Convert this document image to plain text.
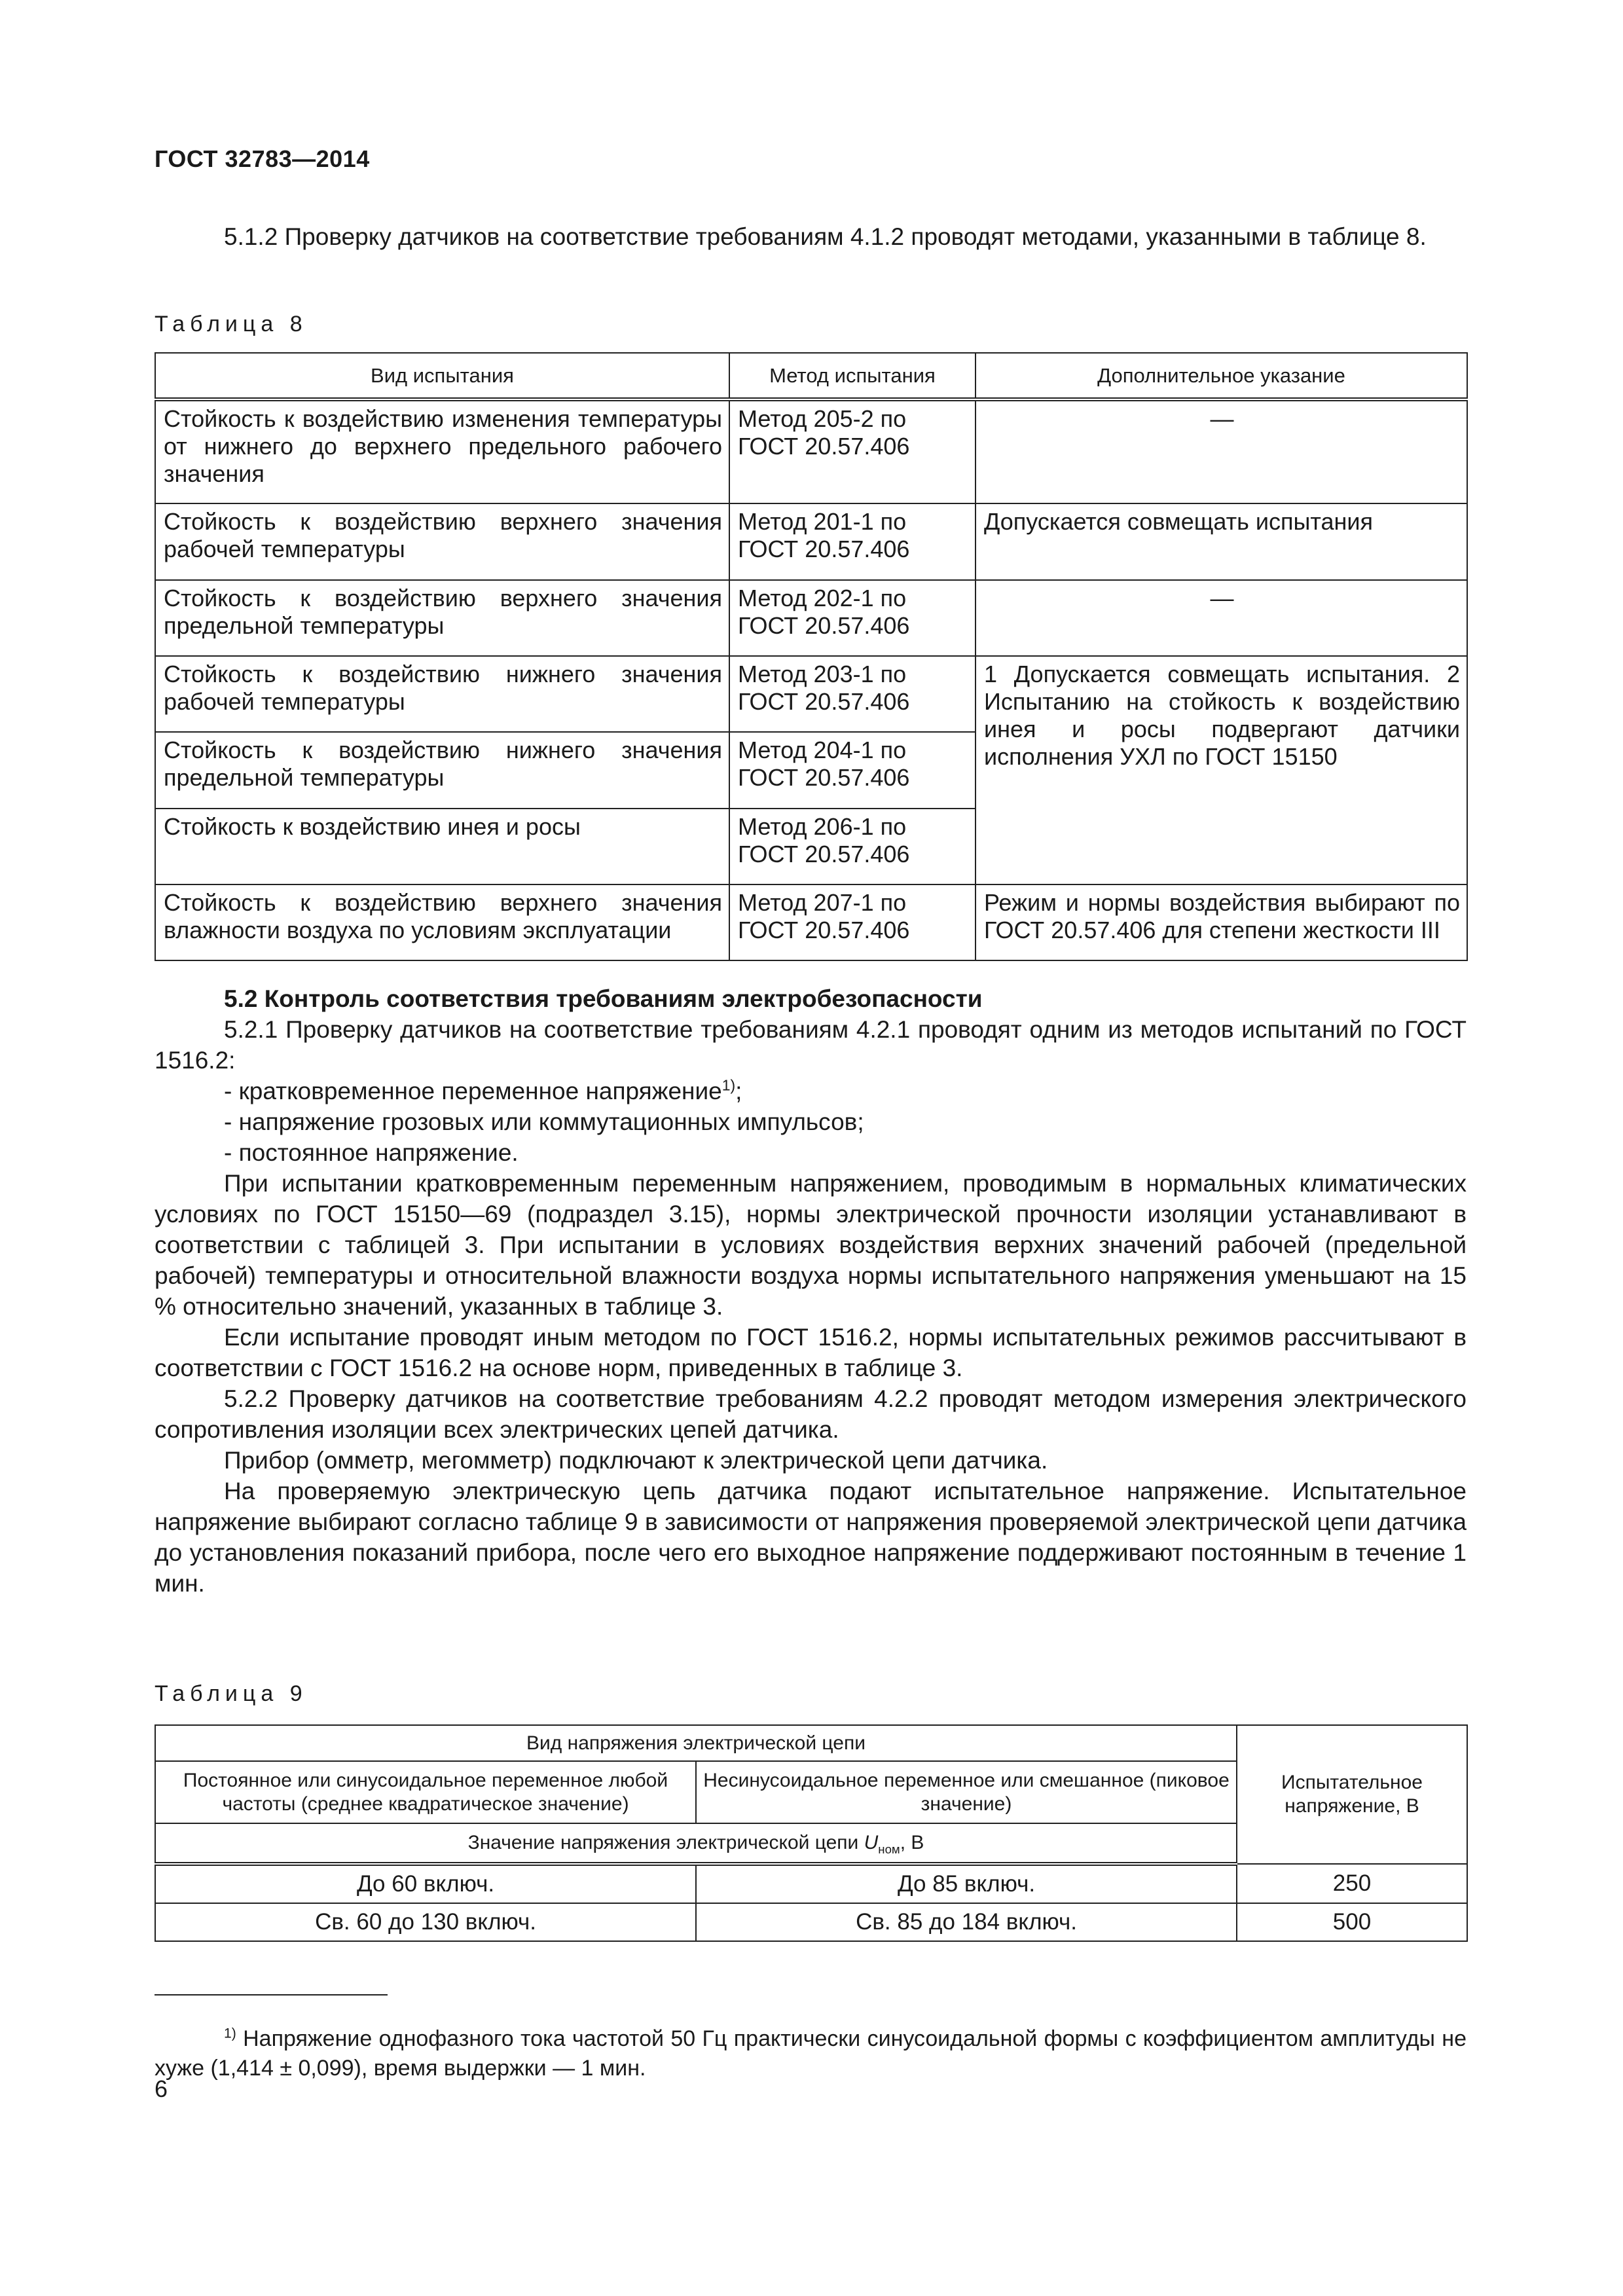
ГОСТ 32783—2014

5.1.2 Проверку датчиков на соответствие требованиям 4.1.2 проводят методами, указанными в таблице 8.

Таблица 8
Вид испытания	Метод испытания	Дополнительное указание
Стойкость к воздействию изменения температуры от нижнего до верхнего предельного рабочего значения	Метод 205-2 по ГОСТ 20.57.406	—
Стойкость к воздействию верхнего значения рабочей температуры	Метод 201-1 по ГОСТ 20.57.406	Допускается совмещать испытания
Стойкость к воздействию верхнего значения предельной температуры	Метод 202-1 по ГОСТ 20.57.406	—
Стойкость к воздействию нижнего значения рабочей температуры	Метод 203-1 по ГОСТ 20.57.406	1 Допускается совмещать испытания. 2 Испытанию на стойкость к воздействию инея и росы подвергают датчики исполнения УХЛ по ГОСТ 15150
Стойкость к воздействию нижнего значения предельной температуры	Метод 204-1 по ГОСТ 20.57.406	
Стойкость к воздействию инея и росы	Метод 206-1 по ГОСТ 20.57.406	
Стойкость к воздействию верхнего значения влажности воздуха по условиям эксплуатации	Метод 207-1 по ГОСТ 20.57.406	Режим и нормы воздействия выбирают по ГОСТ 20.57.406 для степени жесткости III

5.2 Контроль соответствия требованиям электробезопасности

5.2.1 Проверку датчиков на соответствие требованиям 4.2.1 проводят одним из методов испытаний по ГОСТ 1516.2:

- кратковременное переменное напряжение$^{1)}$;

- напряжение грозовых или коммутационных импульсов;

- постоянное напряжение.

При испытании кратковременным переменным напряжением, проводимым в нормальных климатических условиях по ГОСТ 15150—69 (подраздел 3.15), нормы электрической прочности изоляции устанавливают в соответствии с таблицей 3. При испытании в условиях воздействия верхних значений рабочей (предельной рабочей) температуры и относительной влажности воздуха нормы испытательного напряжения уменьшают на 15 % относительно значений, указанных в таблице 3.

Если испытание проводят иным методом по ГОСТ 1516.2, нормы испытательных режимов рассчитывают в соответствии с ГОСТ 1516.2 на основе норм, приведенных в таблице 3.

5.2.2 Проверку датчиков на соответствие требованиям 4.2.2 проводят методом измерения электрического сопротивления изоляции всех электрических цепей датчика.

Прибор (омметр, мегомметр) подключают к электрической цепи датчика.

На проверяемую электрическую цепь датчика подают испытательное напряжение. Испытательное напряжение выбирают согласно таблице 9 в зависимости от напряжения проверяемой электрической цепи датчика до установления показаний прибора, после чего его выходное напряжение поддерживают постоянным в течение 1 мин.

Таблица 9
Вид напряжения электрической цепи		Испытательное напряжение, В
Постоянное или синусоидальное переменное любой частоты (среднее квадратическое значение)	Несинусоидальное переменное или смешанное (пиковое значение)	
Значение напряжения электрической цепи $U_{ном}$, В		
До 60 включ.	До 85 включ.	250
Св. 60 до 130 включ.	Св. 85 до 184 включ.	500

$^{1)}$ Напряжение однофазного тока частотой 50 Гц практически синусоидальной формы с коэффициентом амплитуды не хуже (1,414 ± 0,099), время выдержки — 1 мин.

6
